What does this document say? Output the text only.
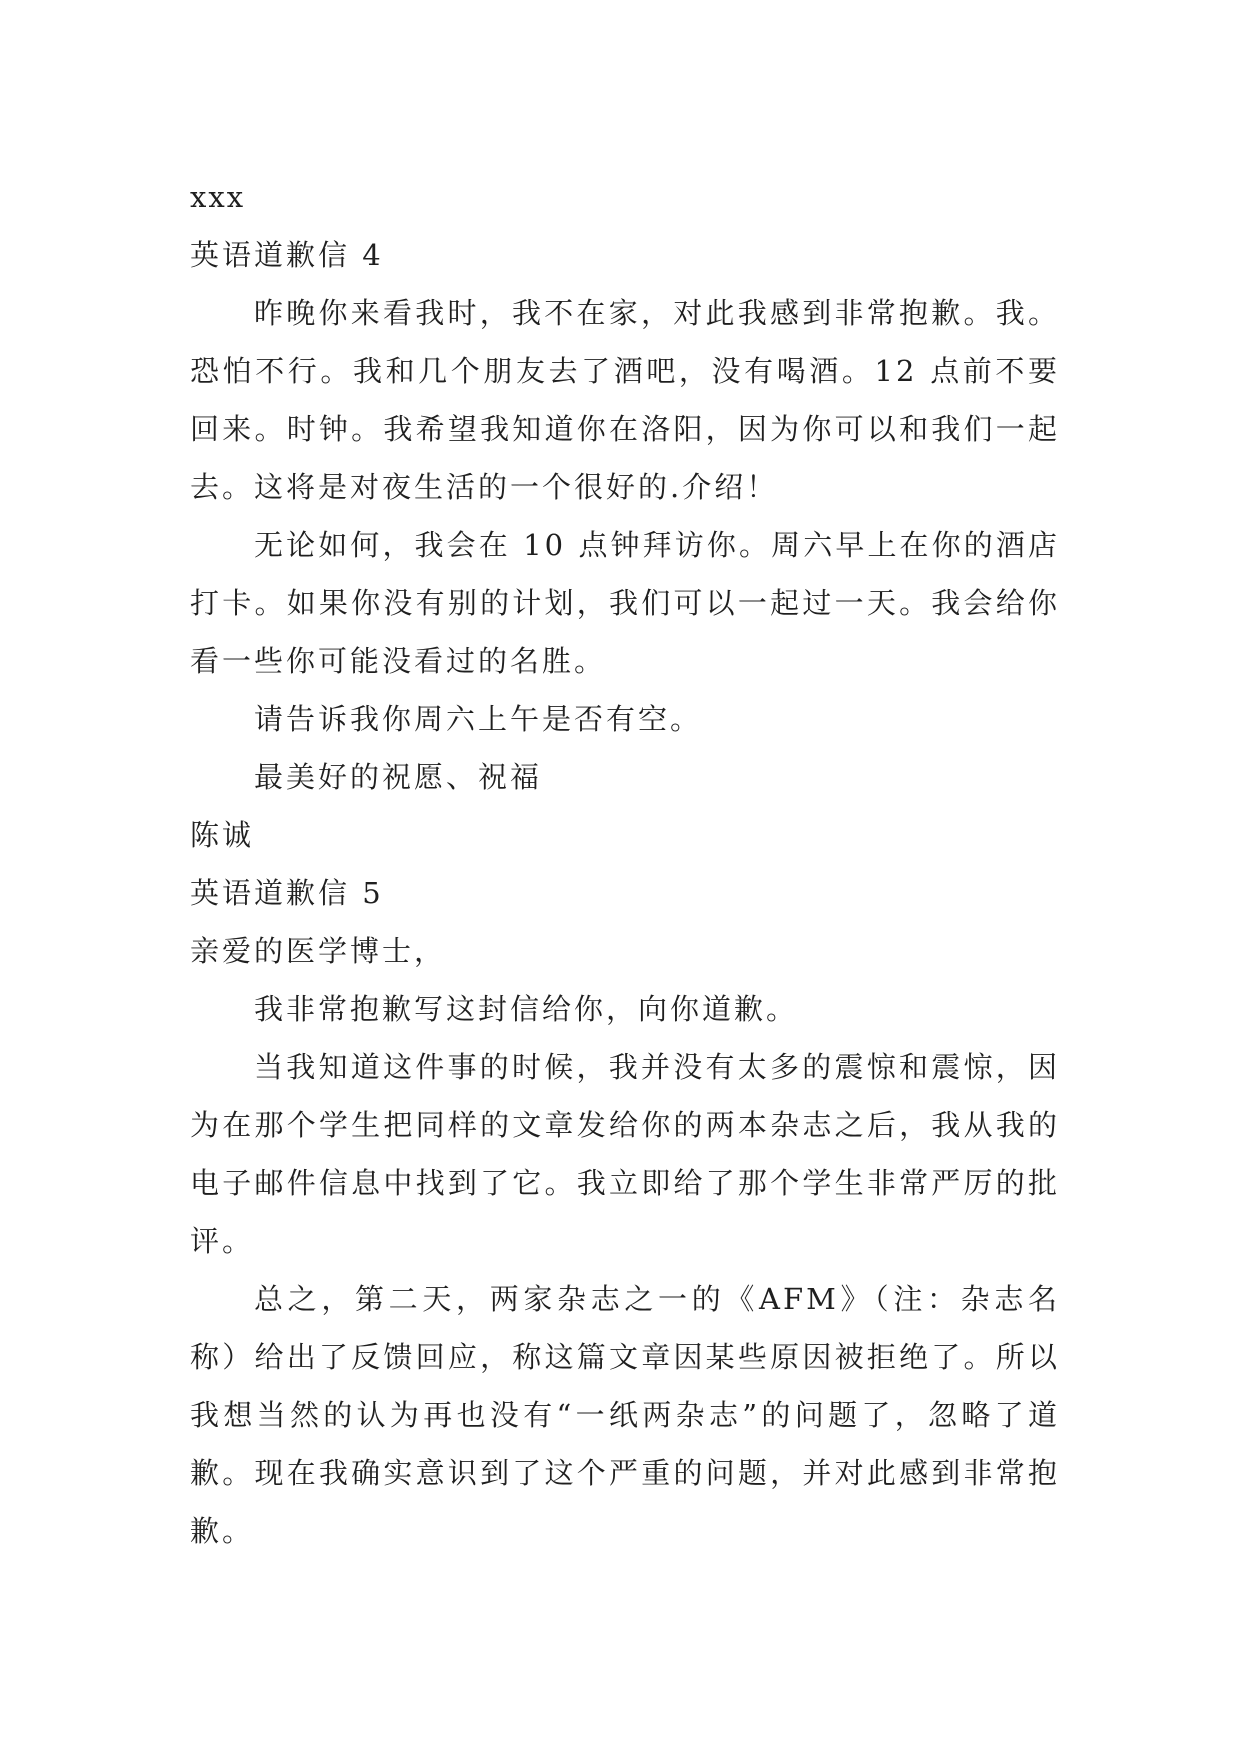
xxx

英语道歉信 4

昨晚你来看我时，我不在家，对此我感到非常抱歉。我。恐怕不行。我和几个朋友去了酒吧，没有喝酒。12 点前不要回来。时钟。我希望我知道你在洛阳，因为你可以和我们一起去。这将是对夜生活的一个很好的.介绍！

无论如何，我会在 10 点钟拜访你。周六早上在你的酒店打卡。如果你没有别的计划，我们可以一起过一天。我会给你看一些你可能没看过的名胜。

请告诉我你周六上午是否有空。

最美好的祝愿、祝福

陈诚

英语道歉信 5

亲爱的医学博士，

我非常抱歉写这封信给你，向你道歉。

当我知道这件事的时候，我并没有太多的震惊和震惊，因为在那个学生把同样的文章发给你的两本杂志之后，我从我的电子邮件信息中找到了它。我立即给了那个学生非常严厉的批评。

总之，第二天，两家杂志之一的《AFM》（注：杂志名称）给出了反馈回应，称这篇文章因某些原因被拒绝了。所以我想当然的认为再也没有“一纸两杂志”的问题了，忽略了道歉。现在我确实意识到了这个严重的问题，并对此感到非常抱歉。
